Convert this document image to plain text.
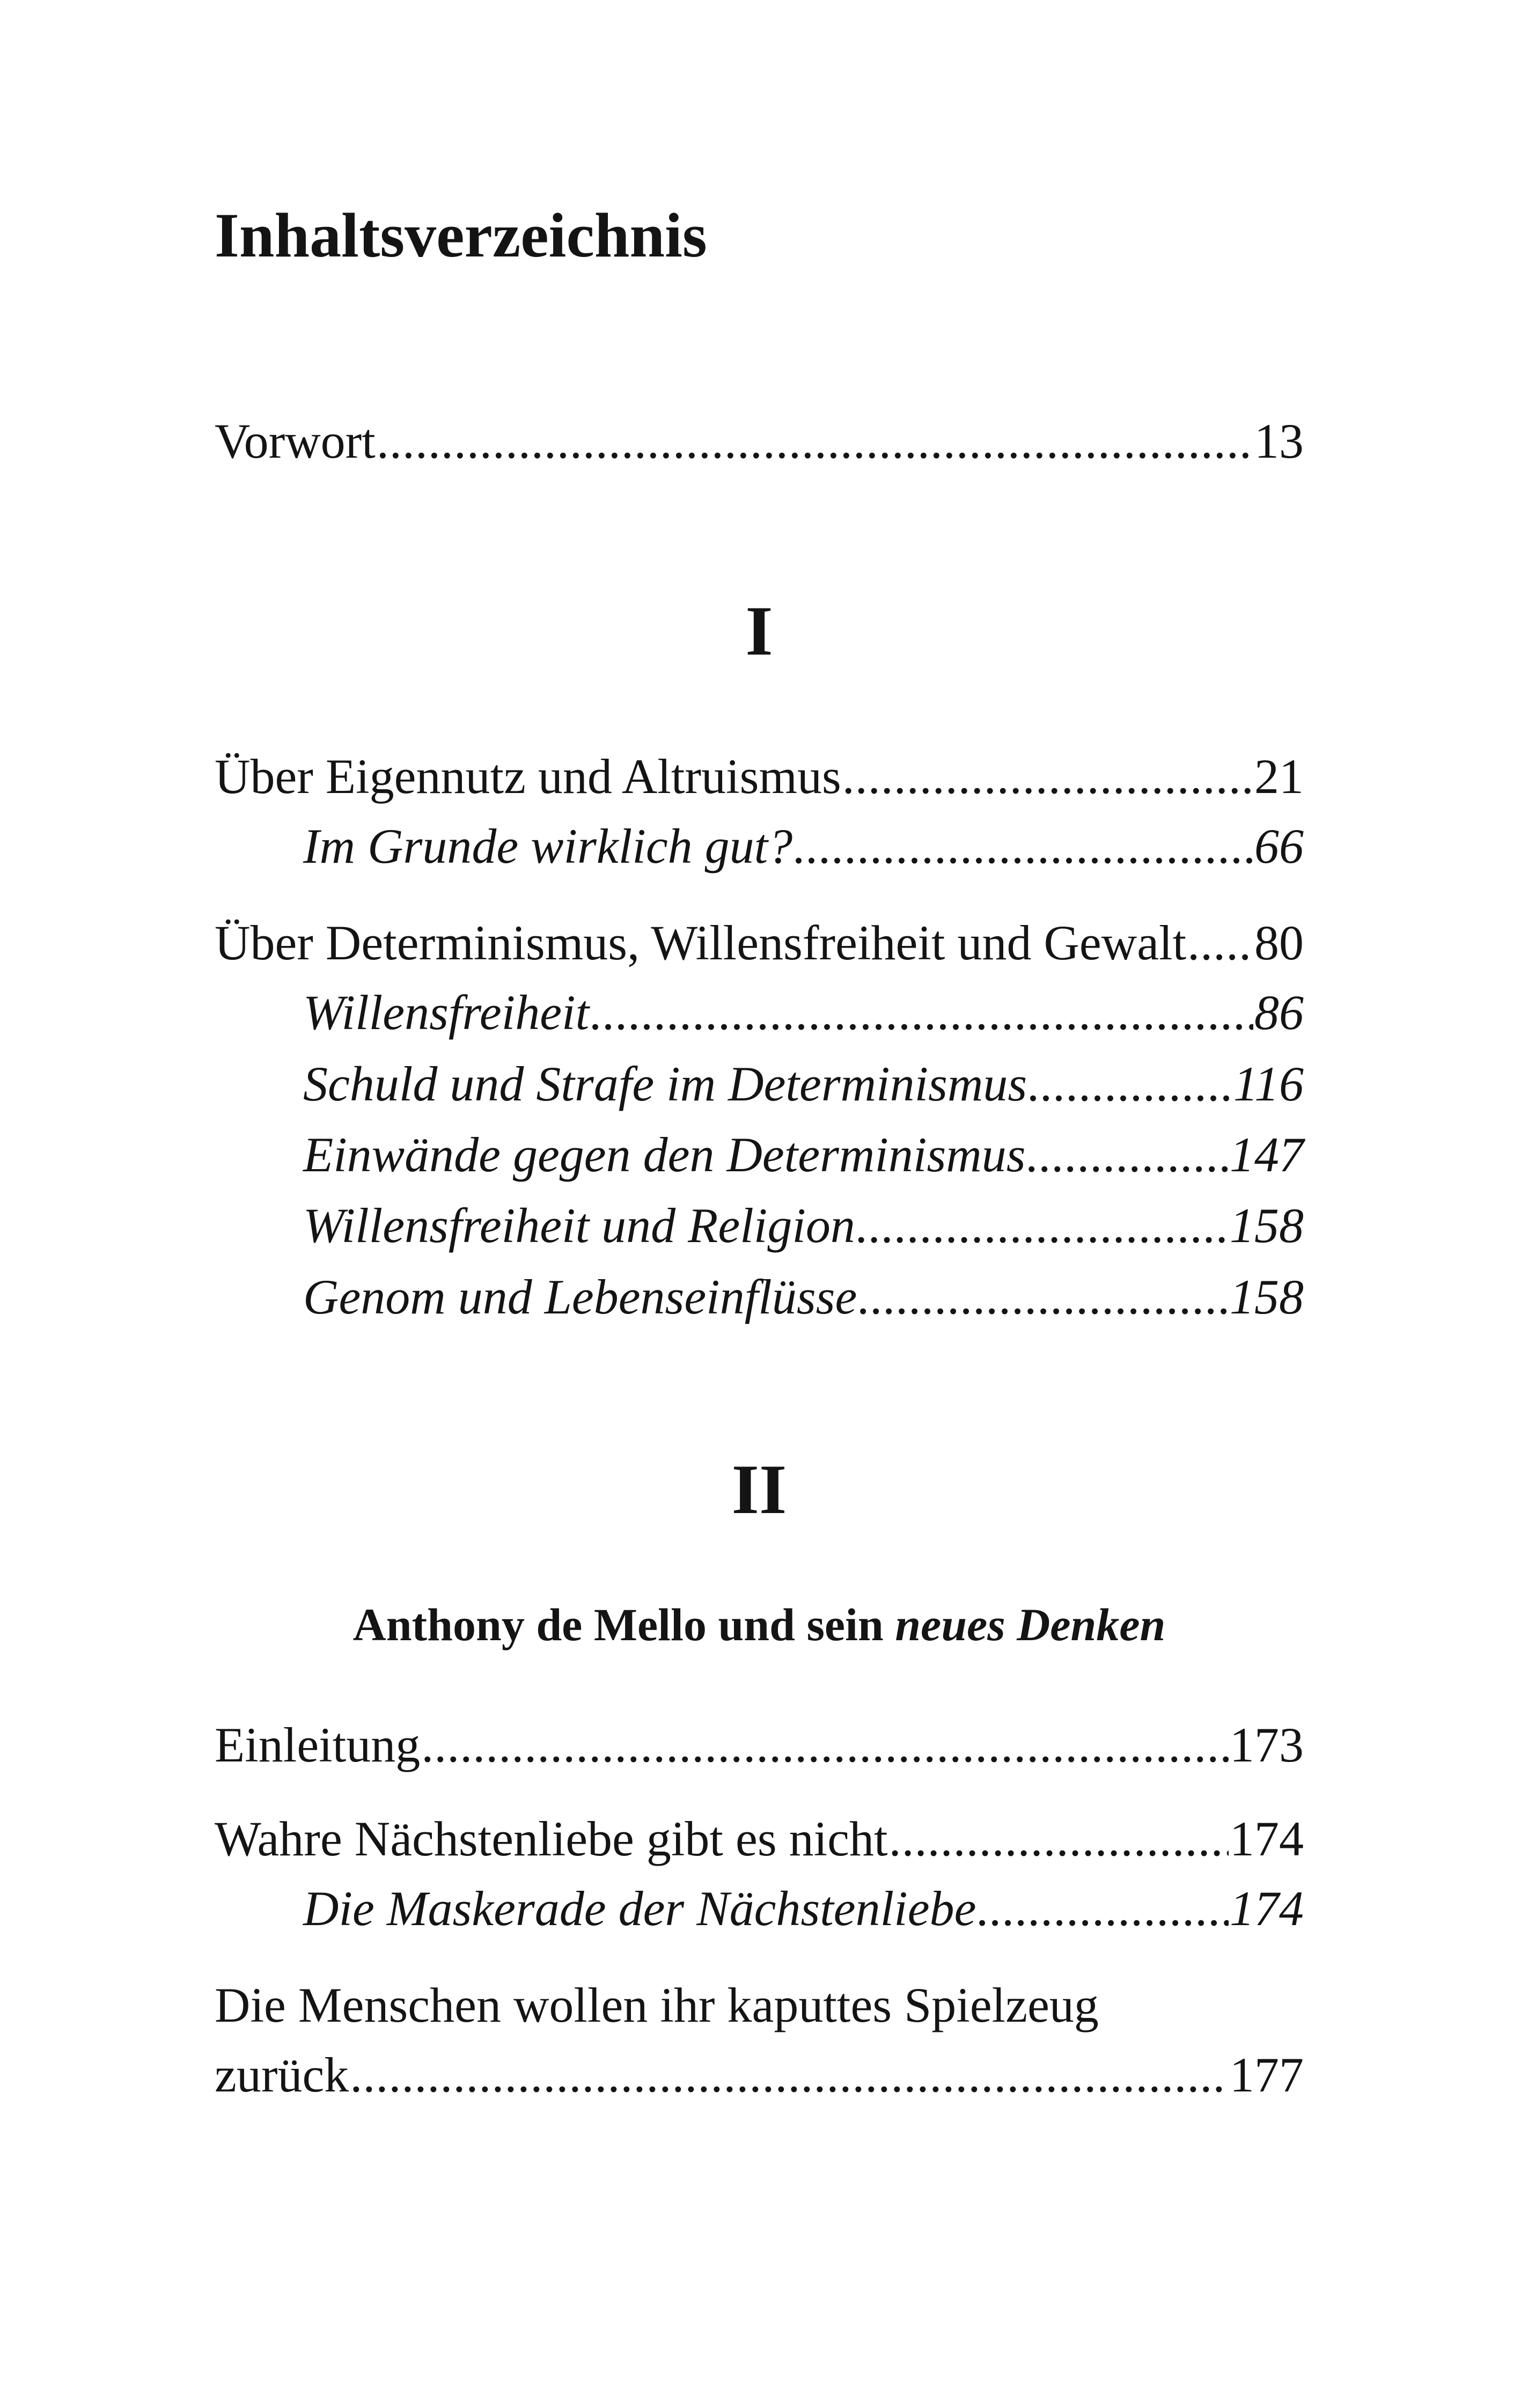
Inhaltsverzeichnis
Vorwort .....	13
I
Über Eigennutz und Altruismus .....	21
Im Grunde wirklich gut? .....	66
Über Determinismus, Willensfreiheit und Gewalt ..... 80
Willensfreiheit .....	86
Schuld und Strafe im Determinismus .....	116
Einwände gegen den Determinismus .....	147
Willensfreiheit und Religion .....	158
Genom und Lebenseinflüsse .....	158
II
Anthony de Mello und sein neues Denken
Einleitung .....	173
Wahre Nächstenliebe gibt es nicht .....	174
Die Maskerade der Nächstenliebe .....	174
Die Menschen wollen ihr kaputtes Spielzeug
zurück .....	177
